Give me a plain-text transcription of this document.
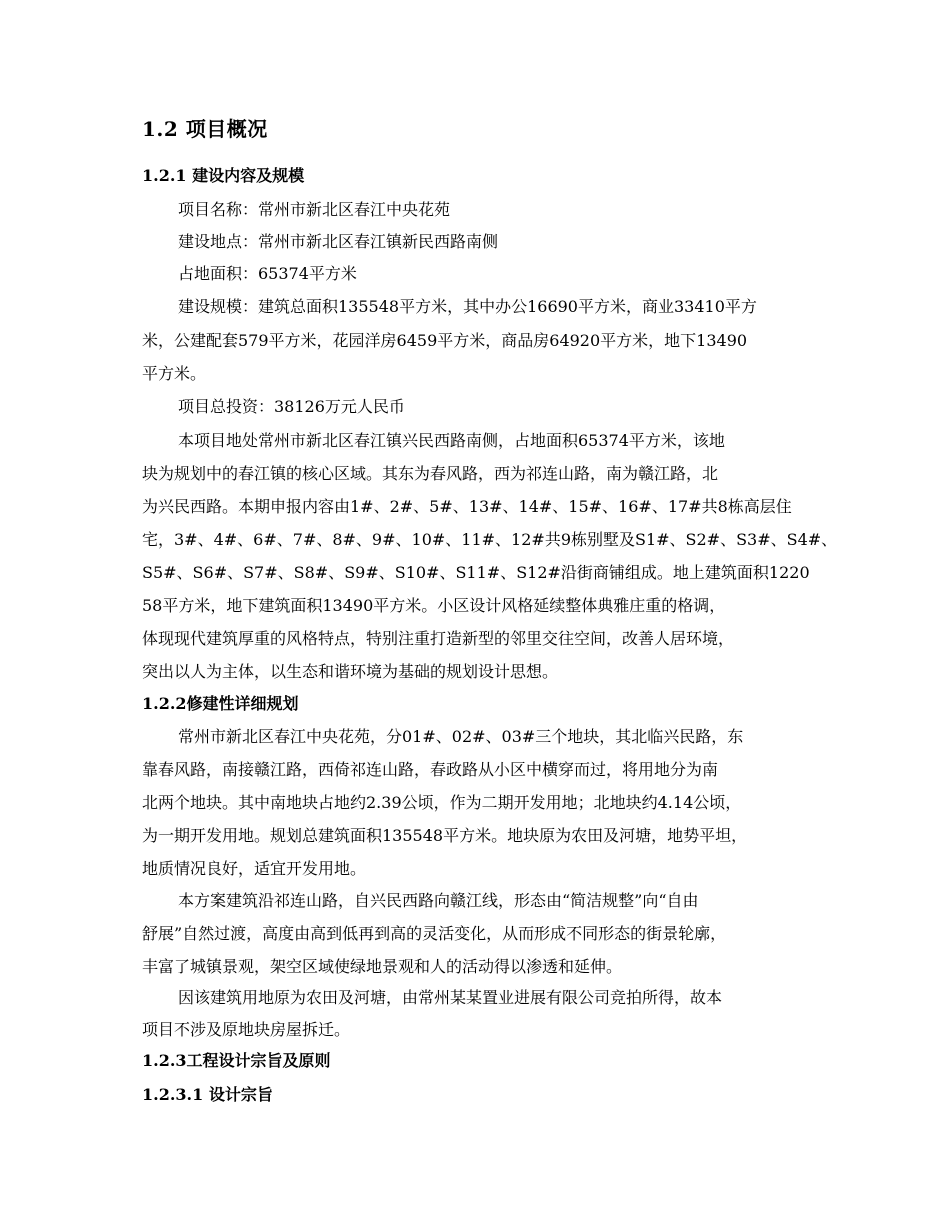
1.2 项目概况
1.2.1 建设内容及规模
项目名称：常州市新北区春江中央花苑
建设地点：常州市新北区春江镇新民西路南侧
占地面积：65374平方米
建设规模：建筑总面积135548平方米，其中办公16690平方米，商业33410平方
米，公建配套579平方米，花园洋房6459平方米，商品房64920平方米，地下13490
平方米。
项目总投资：38126万元人民币
本项目地处常州市新北区春江镇兴民西路南侧，占地面积65374平方米，该地
块为规划中的春江镇的核心区域。其东为春风路，西为祁连山路，南为赣江路，北
为兴民西路。本期申报内容由1#、2#、5#、13#、14#、15#、16#、17#共8栋高层住
宅，3#、4#、6#、7#、8#、9#、10#、11#、12#共9栋别墅及S1#、S2#、S3#、S4#、
S5#、S6#、S7#、S8#、S9#、S10#、S11#、S12#沿街商铺组成。地上建筑面积1220
58平方米，地下建筑面积13490平方米。小区设计风格延续整体典雅庄重的格调，
体现现代建筑厚重的风格特点，特别注重打造新型的邻里交往空间，改善人居环境，
突出以人为主体，以生态和谐环境为基础的规划设计思想。
1.2.2修建性详细规划
常州市新北区春江中央花苑，分01#、02#、03#三个地块，其北临兴民路，东
靠春风路，南接赣江路，西倚祁连山路，春政路从小区中横穿而过，将用地分为南
北两个地块。其中南地块占地约2.39公顷，作为二期开发用地；北地块约4.14公顷，
为一期开发用地。规划总建筑面积135548平方米。地块原为农田及河塘，地势平坦，
地质情况良好，适宜开发用地。
本方案建筑沿祁连山路，自兴民西路向赣江线，形态由“简洁规整”向“自由
舒展”自然过渡，高度由高到低再到高的灵活变化，从而形成不同形态的街景轮廓，
丰富了城镇景观，架空区域使绿地景观和人的活动得以渗透和延伸。
因该建筑用地原为农田及河塘，由常州某某置业进展有限公司竞拍所得，故本
项目不涉及原地块房屋拆迁。
1.2.3工程设计宗旨及原则
1.2.3.1 设计宗旨
